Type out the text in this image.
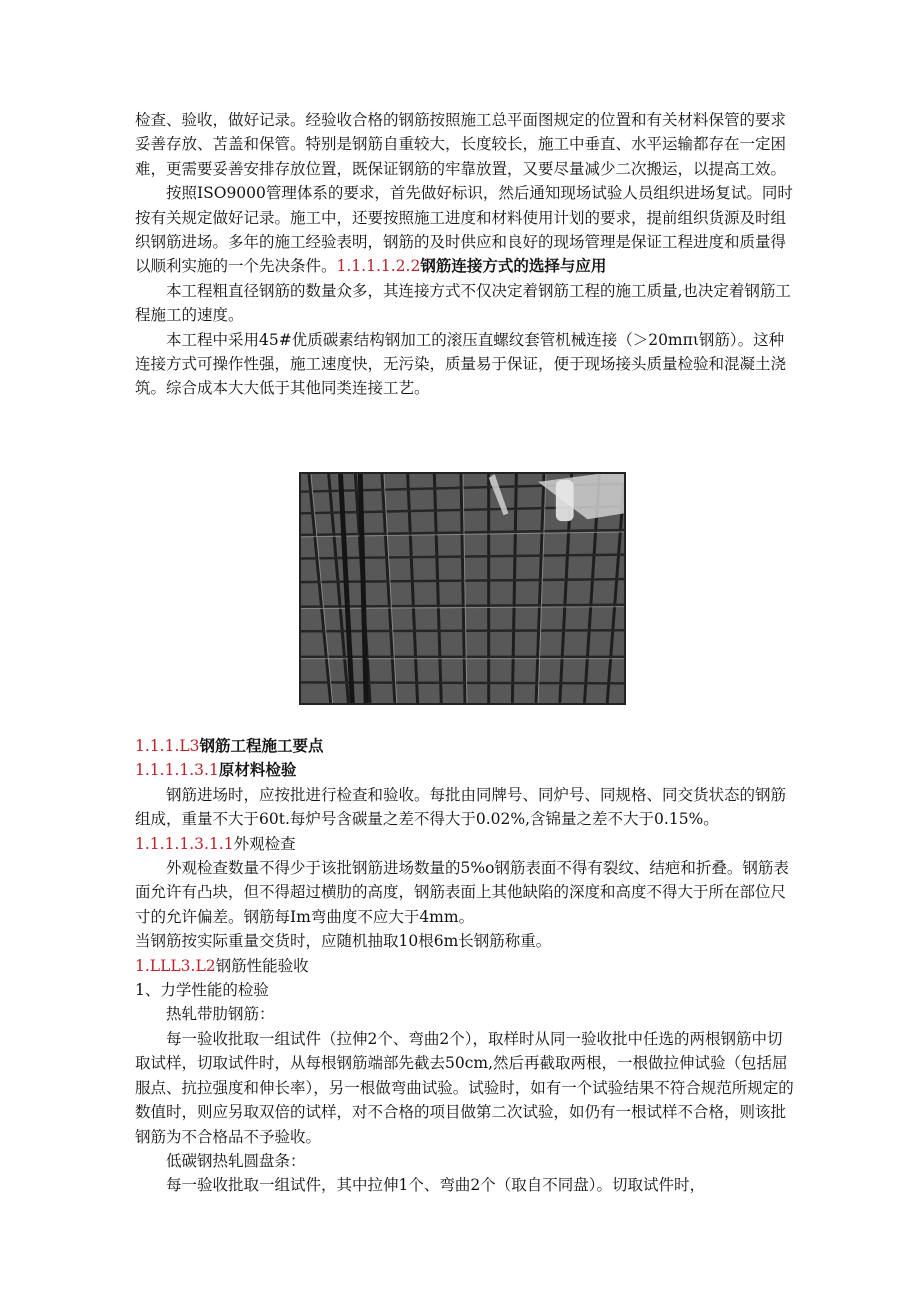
检查、验收，做好记录。经验收合格的钢筋按照施工总平面图规定的位置和有关材料保管的要求妥善存放、苫盖和保管。特别是钢筋自重较大，长度较长，施工中垂直、水平运输都存在一定困难，更需要妥善安排存放位置，既保证钢筋的牢靠放置，又要尽量减少二次搬运，以提高工效。

按照ISO9000管理体系的要求，首先做好标识，然后通知现场试验人员组织进场复试。同时按有关规定做好记录。施工中，还要按照施工进度和材料使用计划的要求，提前组织货源及时组织钢筋进场。多年的施工经验表明，钢筋的及时供应和良好的现场管理是保证工程进度和质量得以顺利实施的一个先决条件。1.1.1.1.2.2钢筋连接方式的选择与应用

本工程粗直径钢筋的数量众多，其连接方式不仅决定着钢筋工程的施工质量,也决定着钢筋工程施工的速度。

本工程中采用45#优质碳素结构钢加工的滚压直螺纹套管机械连接（＞20mπι钢筋）。这种连接方式可操作性强，施工速度快，无污染，质量易于保证，便于现场接头质量检验和混凝土浇筑。综合成本大大低于其他同类连接工艺。

1.1.1.L3钢筋工程施工要点

1.1.1.1.3.1原材料检验

钢筋进场时，应按批进行检查和验收。每批由同牌号、同炉号、同规格、同交货状态的钢筋组成，重量不大于60t.每炉号含碳量之差不得大于0.02%,含锦量之差不大于0.15%。1.1.1.1.3.1.1外观检查

外观检查数量不得少于该批钢筋进场数量的5%o钢筋表面不得有裂纹、结疤和折叠。钢筋表面允许有凸块，但不得超过横肋的高度，钢筋表面上其他缺陷的深度和高度不得大于所在部位尺寸的允许偏差。钢筋每Im弯曲度不应大于4mm。

当钢筋按实际重量交货时，应随机抽取10根6m长钢筋称重。

1.LLL3.L2钢筋性能验收

1、力学性能的检验

热轧带肋钢筋：

每一验收批取一组试件（拉伸2个、弯曲2个），取样时从同一验收批中任选的两根钢筋中切取试样，切取试件时，从每根钢筋端部先截去50cm,然后再截取两根，一根做拉伸试验（包括屈服点、抗拉强度和伸长率），另一根做弯曲试验。试验时，如有一个试验结果不符合规范所规定的数值时，则应另取双倍的试样，对不合格的项目做第二次试验，如仍有一根试样不合格，则该批钢筋为不合格品不予验收。

低碳钢热轧圆盘条：

每一验收批取一组试件，其中拉伸1个、弯曲2个（取自不同盘）。切取试件时，
